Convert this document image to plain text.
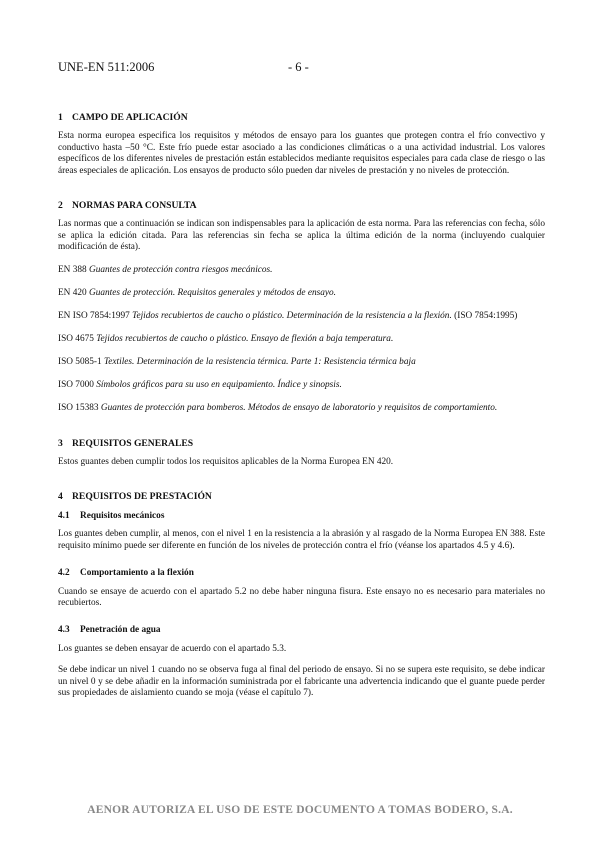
UNE-EN 511:2006	- 6 -
1 CAMPO DE APLICACIÓN

Esta norma europea especifica los requisitos y métodos de ensayo para los guantes que protegen contra el frío convectivo y conductivo hasta –50 °C. Este frío puede estar asociado a las condiciones climáticas o a una actividad industrial. Los valores específicos de los diferentes niveles de prestación están establecidos mediante requisitos especiales para cada clase de riesgo o las áreas especiales de aplicación. Los ensayos de producto sólo pueden dar niveles de prestación y no niveles de protección.

2 NORMAS PARA CONSULTA

Las normas que a continuación se indican son indispensables para la aplicación de esta norma. Para las referencias con fecha, sólo se aplica la edición citada. Para las referencias sin fecha se aplica la última edición de la norma (incluyendo cualquier modificación de ésta).

EN 388 Guantes de protección contra riesgos mecánicos.

EN 420 Guantes de protección. Requisitos generales y métodos de ensayo.

EN ISO 7854:1997 Tejidos recubiertos de caucho o plástico. Determinación de la resistencia a la flexión. (ISO 7854:1995)

ISO 4675 Tejidos recubiertos de caucho o plástico. Ensayo de flexión a baja temperatura.

ISO 5085-1 Textiles. Determinación de la resistencia térmica. Parte 1: Resistencia térmica baja

ISO 7000 Símbolos gráficos para su uso en equipamiento. Índice y sinopsis.

ISO 15383 Guantes de protección para bomberos. Métodos de ensayo de laboratorio y requisitos de comportamiento.

3 REQUISITOS GENERALES

Estos guantes deben cumplir todos los requisitos aplicables de la Norma Europea EN 420.

4 REQUISITOS DE PRESTACIÓN
4.1 Requisitos mecánicos

Los guantes deben cumplir, al menos, con el nivel 1 en la resistencia a la abrasión y al rasgado de la Norma Europea EN 388. Este requisito mínimo puede ser diferente en función de los niveles de protección contra el frío (véanse los apartados 4.5 y 4.6).

4.2 Comportamiento a la flexión

Cuando se ensaye de acuerdo con el apartado 5.2 no debe haber ninguna fisura. Este ensayo no es necesario para materiales no recubiertos.

4.3 Penetración de agua

Los guantes se deben ensayar de acuerdo con el apartado 5.3.

Se debe indicar un nivel 1 cuando no se observa fuga al final del periodo de ensayo. Si no se supera este requisito, se debe indicar un nivel 0 y se debe añadir en la información suministrada por el fabricante una advertencia indicando que el guante puede perder sus propiedades de aislamiento cuando se moja (véase el capítulo 7).

AENOR AUTORIZA EL USO DE ESTE DOCUMENTO A TOMAS BODERO, S.A.
